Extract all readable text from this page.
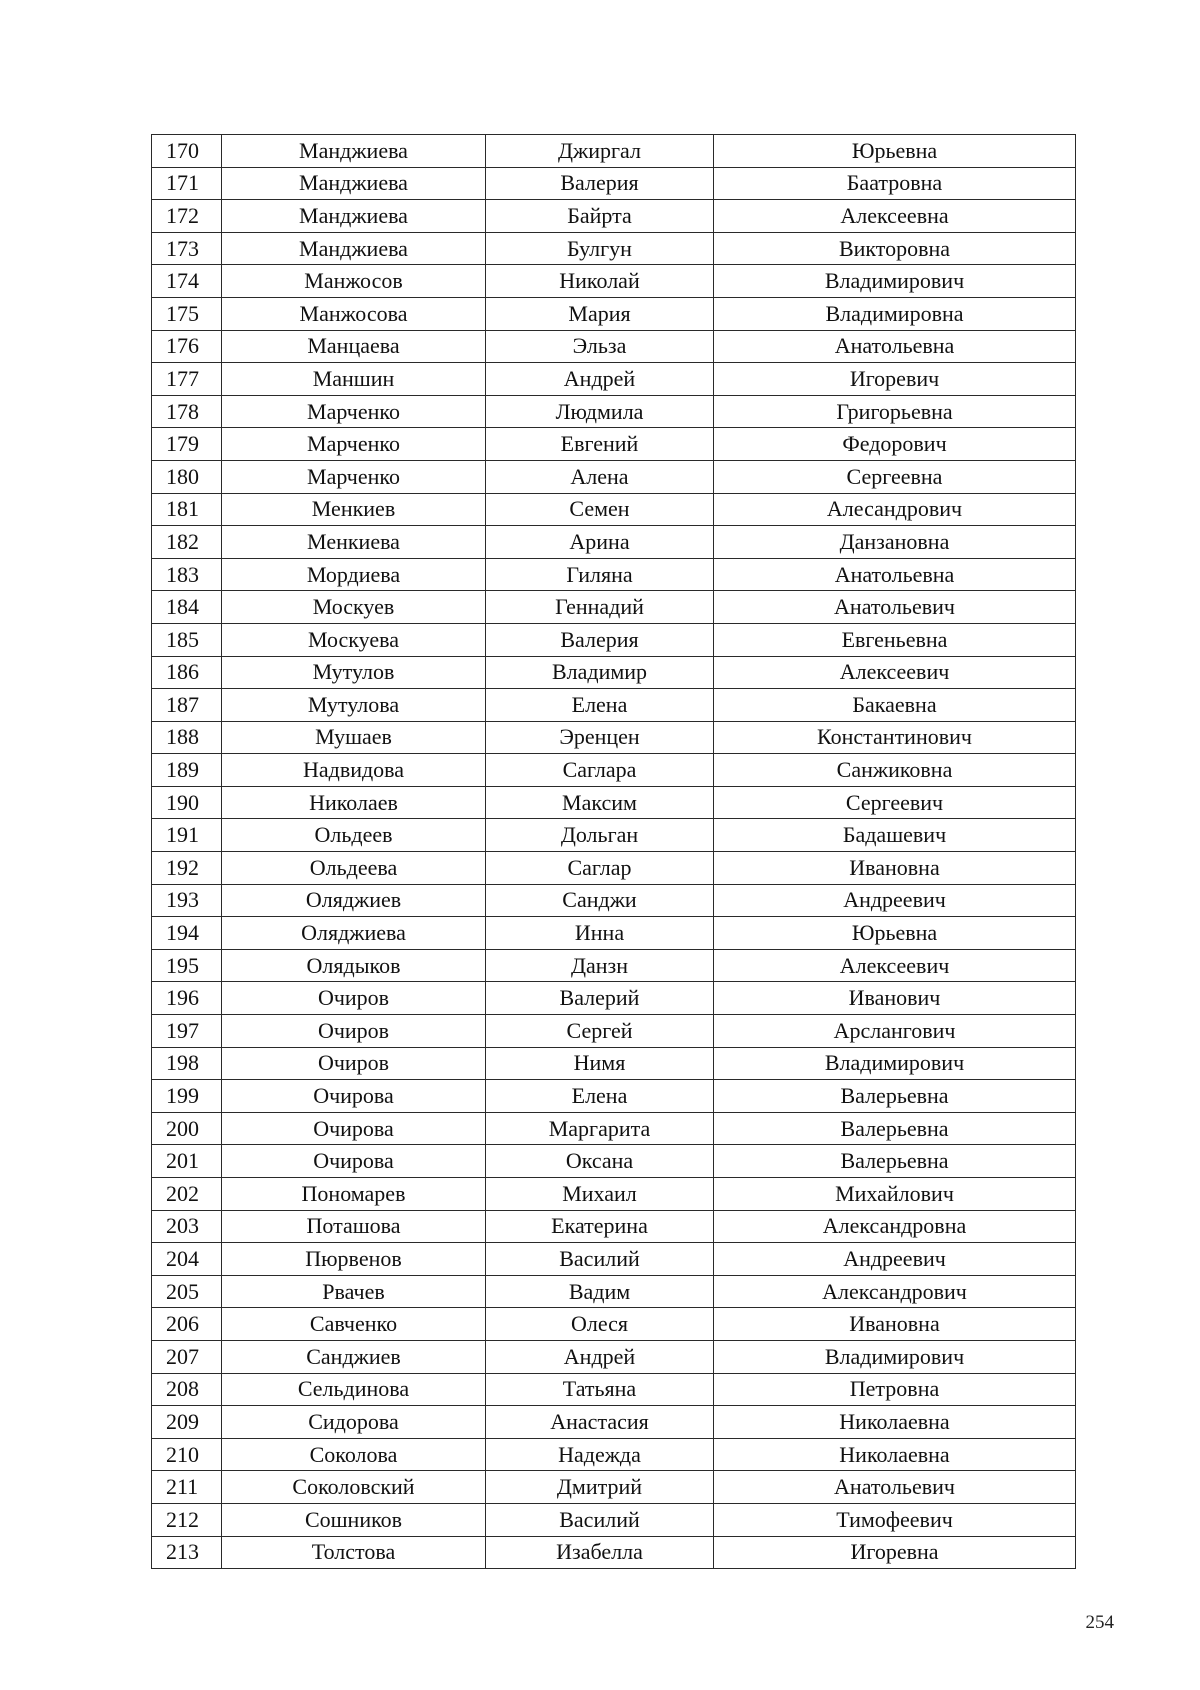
170	Манджиева	Джиргал	Юрьевна
171	Манджиева	Валерия	Баатровна
172	Манджиева	Байрта	Алексеевна
173	Манджиева	Булгун	Викторовна
174	Манжосов	Николай	Владимирович
175	Манжосова	Мария	Владимировна
176	Манцаева	Эльза	Анатольевна
177	Маншин	Андрей	Игоревич
178	Марченко	Людмила	Григорьевна
179	Марченко	Евгений	Федорович
180	Марченко	Алена	Сергеевна
181	Менкиев	Семен	Алесандрович
182	Менкиева	Арина	Данзановна
183	Мордиева	Гиляна	Анатольевна
184	Москуев	Геннадий	Анатольевич
185	Москуева	Валерия	Евгеньевна
186	Мутулов	Владимир	Алексеевич
187	Мутулова	Елена	Бакаевна
188	Мушаев	Эренцен	Константинович
189	Надвидова	Саглара	Санжиковна
190	Николаев	Максим	Сергеевич
191	Ольдеев	Дольган	Бадашевич
192	Ольдеева	Саглар	Ивановна
193	Оляджиев	Санджи	Андреевич
194	Оляджиева	Инна	Юрьевна
195	Олядыков	Данзн	Алексеевич
196	Очиров	Валерий	Иванович
197	Очиров	Сергей	Арслангович
198	Очиров	Нимя	Владимирович
199	Очирова	Елена	Валерьевна
200	Очирова	Маргарита	Валерьевна
201	Очирова	Оксана	Валерьевна
202	Пономарев	Михаил	Михайлович
203	Поташова	Екатерина	Александровна
204	Пюрвенов	Василий	Андреевич
205	Рвачев	Вадим	Александрович
206	Савченко	Олеся	Ивановна
207	Санджиев	Андрей	Владимирович
208	Сельдинова	Татьяна	Петровна
209	Сидорова	Анастасия	Николаевна
210	Соколова	Надежда	Николаевна
211	Соколовский	Дмитрий	Анатольевич
212	Сошников	Василий	Тимофеевич
213	Толстова	Изабелла	Игоревна
254
